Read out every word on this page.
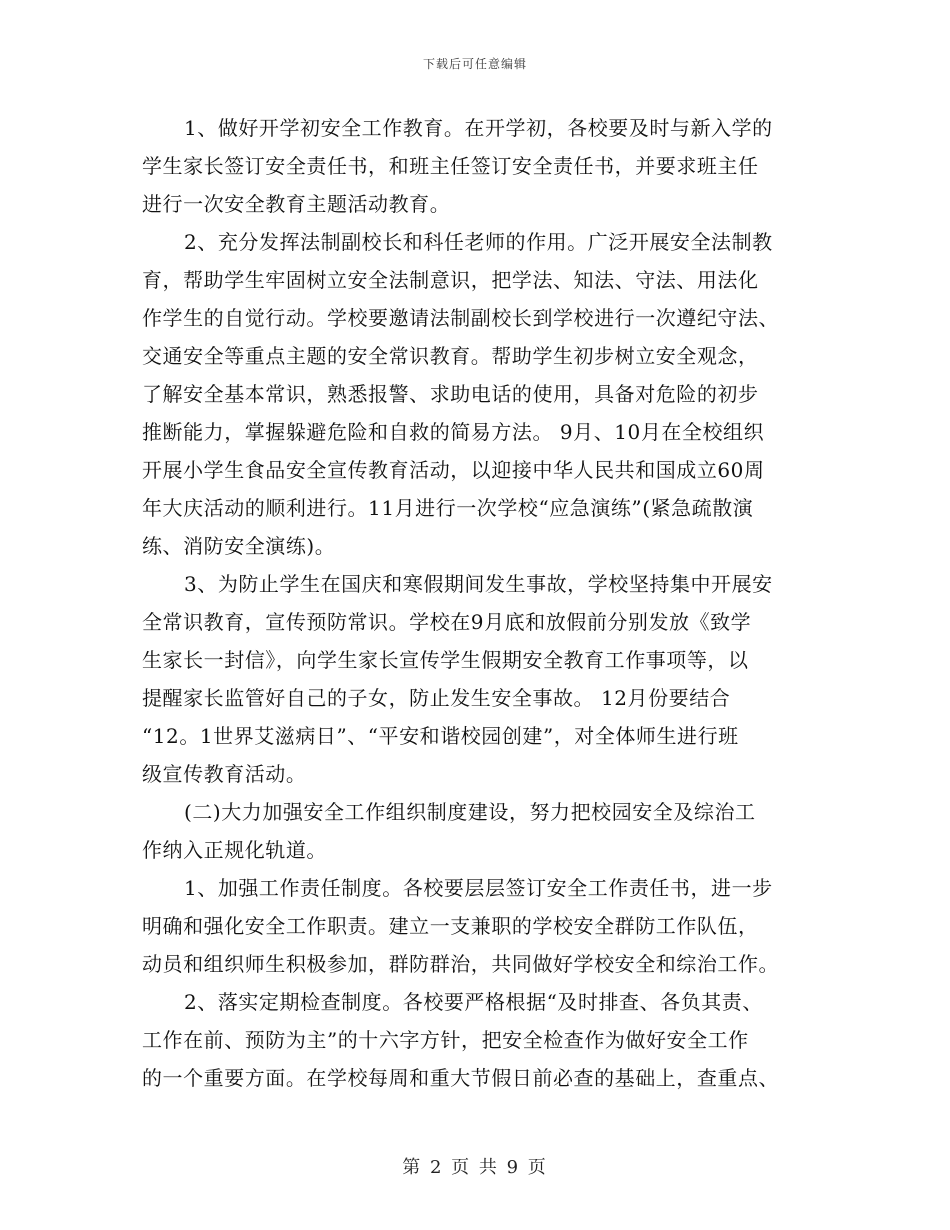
下载后可任意编辑
1、做好开学初安全工作教育。在开学初，各校要及时与新入学的
学生家长签订安全责任书，和班主任签订安全责任书，并要求班主任
进行一次安全教育主题活动教育。
2、充分发挥法制副校长和科任老师的作用。广泛开展安全法制教
育，帮助学生牢固树立安全法制意识，把学法、知法、守法、用法化
作学生的自觉行动。学校要邀请法制副校长到学校进行一次遵纪守法、
交通安全等重点主题的安全常识教育。帮助学生初步树立安全观念，
了解安全基本常识，熟悉报警、求助电话的使用，具备对危险的初步
推断能力，掌握躲避危险和自救的简易方法。 9月、10月在全校组织
开展小学生食品安全宣传教育活动，以迎接中华人民共和国成立60周
年大庆活动的顺利进行。11月进行一次学校“应急演练”(紧急疏散演
练、消防安全演练)。
3、为防止学生在国庆和寒假期间发生事故，学校坚持集中开展安
全常识教育，宣传预防常识。学校在9月底和放假前分别发放《致学
生家长一封信》，向学生家长宣传学生假期安全教育工作事项等，以
提醒家长监管好自己的子女，防止发生安全事故。 12月份要结合
“12。1世界艾滋病日”、“平安和谐校园创建”，对全体师生进行班
级宣传教育活动。
(二)大力加强安全工作组织制度建设，努力把校园安全及综治工
作纳入正规化轨道。
1、加强工作责任制度。各校要层层签订安全工作责任书，进一步
明确和强化安全工作职责。建立一支兼职的学校安全群防工作队伍，
动员和组织师生积极参加，群防群治，共同做好学校安全和综治工作。
2、落实定期检查制度。各校要严格根据“及时排查、各负其责、
工作在前、预防为主”的十六字方针，把安全检查作为做好安全工作
的一个重要方面。在学校每周和重大节假日前必查的基础上，查重点、
第 2 页 共 9 页
